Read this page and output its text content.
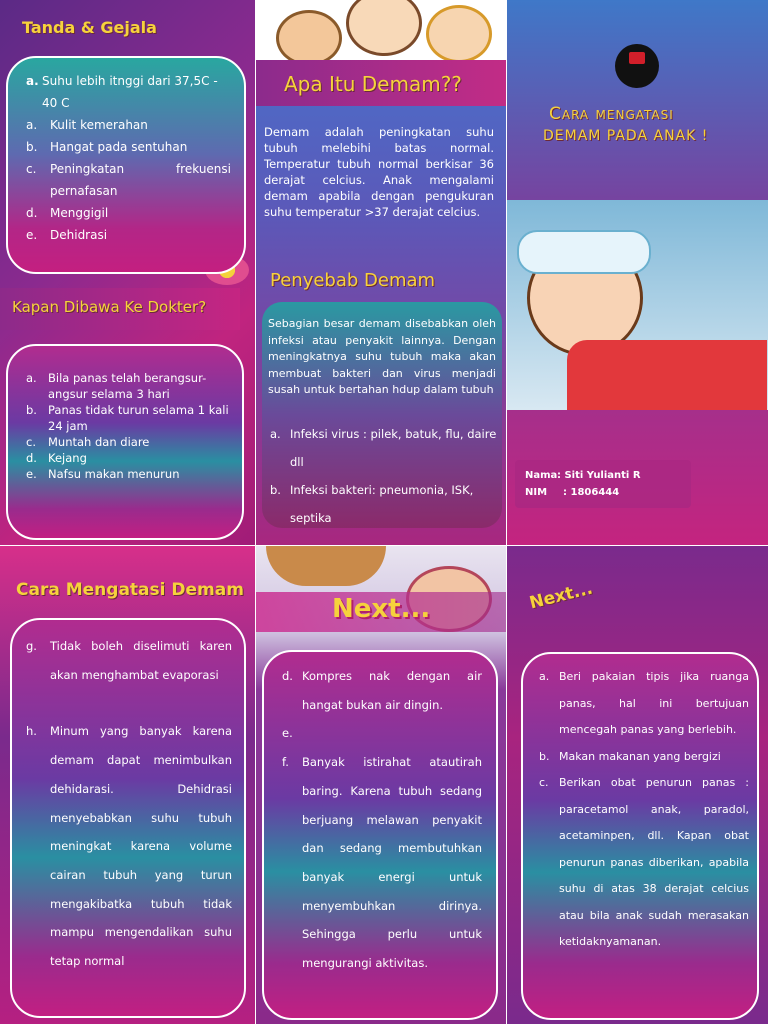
Tanda & Gejala
a. Suhu lebih itnggi dari 37,5C - 40 C
a.	Kulit kemerahan
b.	Hangat pada sentuhan
c.	Peningkatan frekuensi pernafasan
d.	Menggigil
e.	Dehidrasi
Kapan Dibawa Ke Dokter?
a. Bila panas telah berangsur-angsur selama 3 hari
b. Panas tidak turun selama 1 kali 24 jam
c.	Muntah dan diare
d. Kejang
e. Nafsu makan menurun
Apa Itu Demam??
Demam adalah peningkatan suhu tubuh melebihi batas normal. Temperatur tubuh normal berkisar 36 derajat celcius. Anak mengalami demam apabila dengan pengukuran suhu temperatur >37 derajat celcius.
Penyebab Demam
Sebagian besar demam disebabkan oleh infeksi atau penyakit lainnya. Dengan meningkatnya suhu tubuh maka akan membuat bakteri dan virus menjadi susah untuk bertahan hdup dalam tubuh
a. Infeksi virus : pilek, batuk, flu, daire dll
b. Infeksi bakteri: pneumonia, ISK, septika
Cara mengatasi
DEMAM PADA ANAK !
Nama : Siti Yulianti R
NIM : 1806444
Cara Mengatasi Demam
g.	Tidak boleh diselimuti karen akan menghambat evaporasi
h.	Minum yang banyak karena demam dapat menimbulkan dehidarasi. Dehidrasi menyebabkan suhu tubuh meningkat karena volume cairan tubuh yang turun mengakibatka tubuh tidak mampu mengendalikan suhu tetap normal
Next...
d. Kompres nak dengan air hangat bukan air dingin.
e.
f.	Banyak istirahat atautirah baring. Karena tubuh sedang berjuang melawan penyakit dan sedang membutuhkan banyak energi untuk menyembuhkan dirinya. Sehingga perlu untuk mengurangi aktivitas.
Next...
a. Beri pakaian tipis jika ruanga panas, hal ini bertujuan mencegah panas yang berlebih.
b. Makan makanan yang bergizi
c. Berikan obat penurun panas : paracetamol anak, paradol, acetaminpen, dll. Kapan obat penurun panas diberikan, apabila suhu di atas 38 derajat celcius atau bila anak sudah merasakan ketidaknyamanan.
